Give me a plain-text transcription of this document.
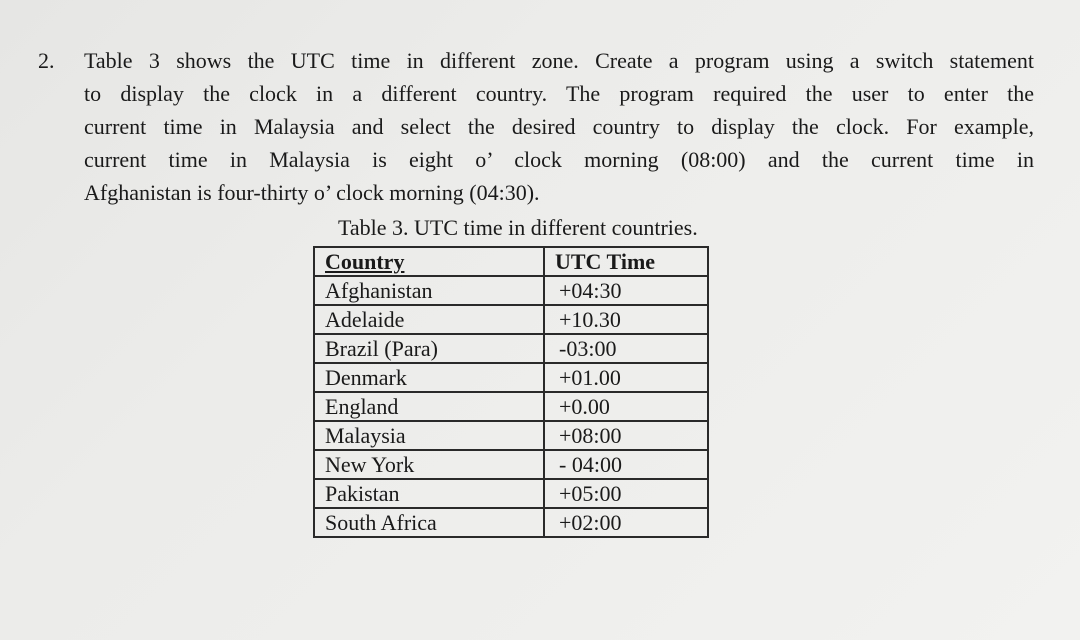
2. Table 3 shows the UTC time in different zone. Create a program using a switch statement
to display the clock in a different country. The program required the user to enter the
current time in Malaysia and select the desired country to display the clock. For example,
current time in Malaysia is eight o’ clock morning (08:00) and the current time in
Afghanistan is four-thirty o’ clock morning (04:30).
Table 3. UTC time in different countries.
Country	UTC Time
Afghanistan	+04:30
Adelaide	+10.30
Brazil (Para)	-03:00
Denmark	+01.00
England	+0.00
Malaysia	+08:00
New York	- 04:00
Pakistan	+05:00
South Africa	+02:00
